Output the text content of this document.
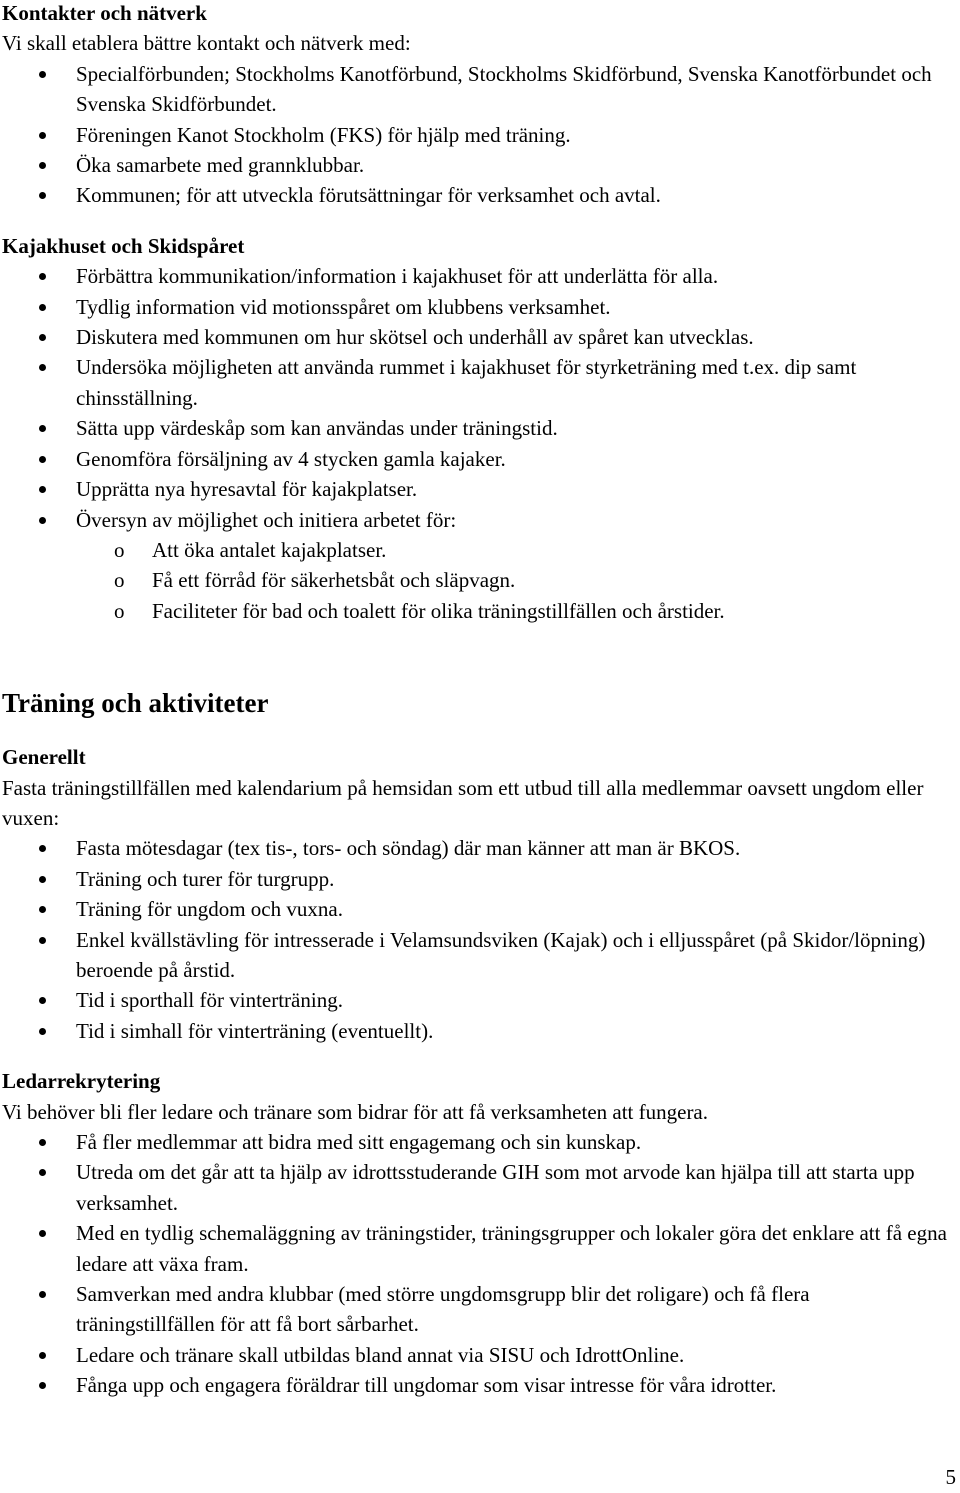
Kontakter och nätverk
Vi skall etablera bättre kontakt och nätverk med:
Specialförbunden; Stockholms Kanotförbund, Stockholms Skidförbund, Svenska Kanotförbundet och Svenska Skidförbundet.
Föreningen Kanot Stockholm (FKS) för hjälp med träning.
Öka samarbete med grannklubbar.
Kommunen; för att utveckla förutsättningar för verksamhet och avtal.
Kajakhuset och Skidspåret
Förbättra kommunikation/information i kajakhuset för att underlätta för alla.
Tydlig information vid motionsspåret om klubbens verksamhet.
Diskutera med kommunen om hur skötsel och underhåll av spåret kan utvecklas.
Undersöka möjligheten att använda rummet i kajakhuset för styrketräning med t.ex. dip samt chinsställning.
Sätta upp värdeskåp som kan användas under träningstid.
Genomföra försäljning av 4 stycken gamla kajaker.
Upprätta nya hyresavtal för kajakplatser.
Översyn av möjlighet och initiera arbetet för:
o Att öka antalet kajakplatser.
o Få ett förråd för säkerhetsbåt och släpvagn.
o Faciliteter för bad och toalett för olika träningstillfällen och årstider.
Träning och aktiviteter
Generellt
Fasta träningstillfällen med kalendarium på hemsidan som ett utbud till alla medlemmar oavsett ungdom eller vuxen:
Fasta mötesdagar (tex tis-, tors- och söndag) där man känner att man är BKOS.
Träning och turer för turgrupp.
Träning för ungdom och vuxna.
Enkel kvällstävling för intresserade i Velamsundsviken (Kajak) och i elljusspåret (på Skidor/löpning) beroende på årstid.
Tid i sporthall för vinterträning.
Tid i simhall för vinterträning (eventuellt).
Ledarrekrytering
Vi behöver bli fler ledare och tränare som bidrar för att få verksamheten att fungera.
Få fler medlemmar att bidra med sitt engagemang och sin kunskap.
Utreda om det går att ta hjälp av idrottsstuderande GIH som mot arvode kan hjälpa till att starta upp verksamhet.
Med en tydlig schemaläggning av träningstider, träningsgrupper och lokaler göra det enklare att få egna ledare att växa fram.
Samverkan med andra klubbar (med större ungdomsgrupp blir det roligare) och få flera träningstillfällen för att få bort sårbarhet.
Ledare och tränare skall utbildas bland annat via SISU och IdrottOnline.
Fånga upp och engagera föräldrar till ungdomar som visar intresse för våra idrotter.
5
